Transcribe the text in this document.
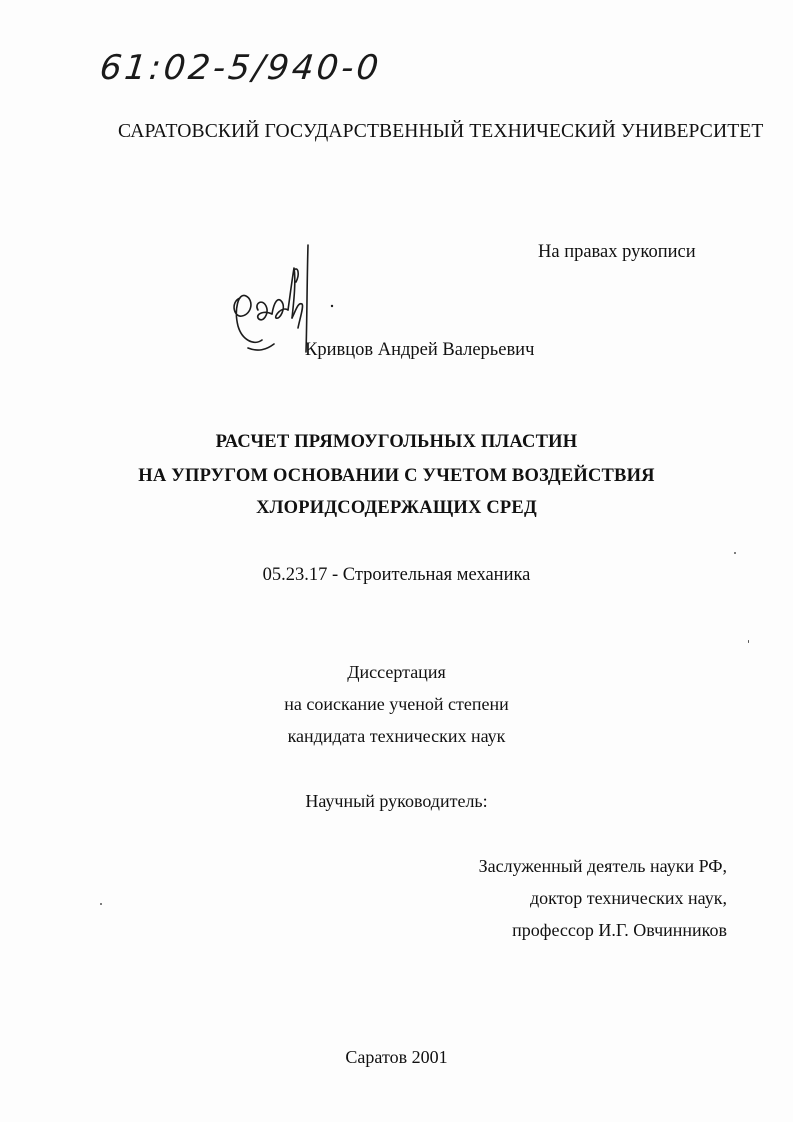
61:02-5/940-0
САРАТОВСКИЙ ГОСУДАРСТВЕННЫЙ ТЕХНИЧЕСКИЙ УНИВЕРСИТЕТ
На правах рукописи
Кривцов Андрей Валерьевич
РАСЧЕТ ПРЯМОУГОЛЬНЫХ ПЛАСТИН
НА УПРУГОМ ОСНОВАНИИ С УЧЕТОМ ВОЗДЕЙСТВИЯ
ХЛОРИДСОДЕРЖАЩИХ СРЕД
05.23.17 - Строительная механика
Диссертация
на соискание ученой степени
кандидата технических наук
Научный руководитель:
Заслуженный деятель науки РФ,
доктор технических наук,
профессор И.Г. Овчинников
Саратов 2001
